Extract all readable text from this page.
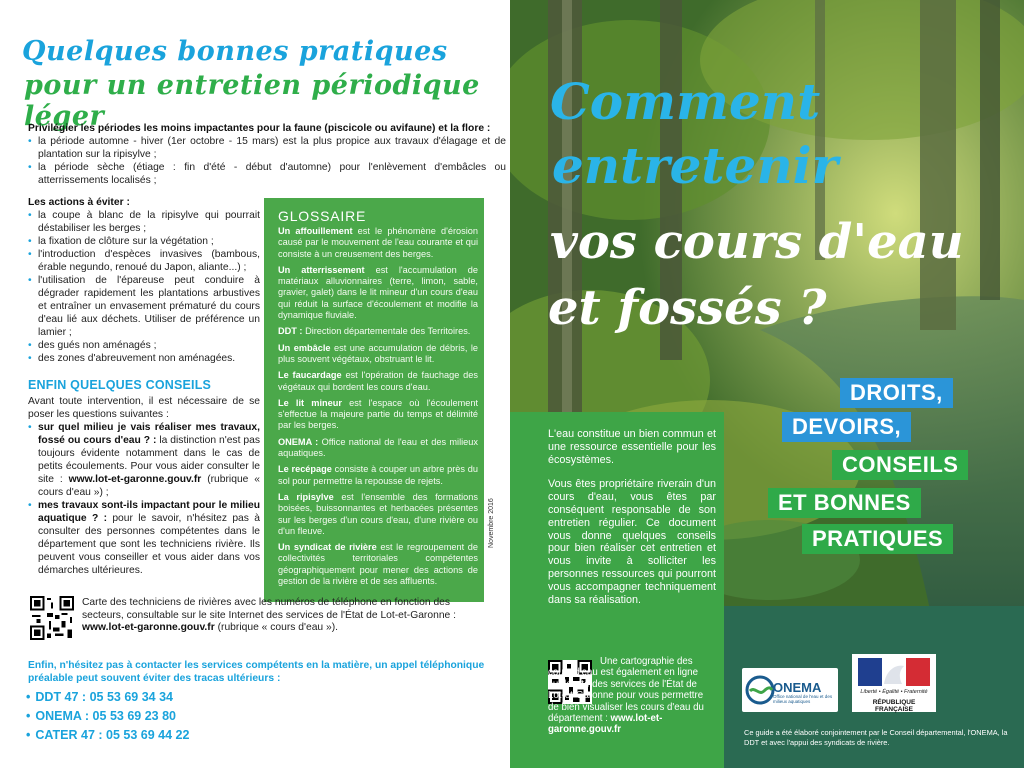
Quelques bonnes pratiques
pour un entretien périodique léger
Privilégier les périodes les moins impactantes pour la faune (piscicole ou avifaune) et la flore :
• la période automne - hiver (1er octobre - 15 mars) est la plus propice aux travaux d'élagage et de plantation sur la ripisylve ;
• la période sèche (étiage : fin d'été - début d'automne) pour l'enlèvement d'embâcles ou atterrissements localisés ;
Les actions à éviter :
• la coupe à blanc de la ripisylve qui pourrait déstabiliser les berges ;
• la fixation de clôture sur la végétation ;
• l'introduction d'espèces invasives (bambous, érable negundo, renoué du Japon, aliante...) ;
• l'utilisation de l'épareuse peut conduire à dégrader rapidement les plantations arbustives et entraîner un envasement prématuré du cours d'eau lié aux déchets. Utiliser de préférence un lamier ;
• des gués non aménagés ;
• des zones d'abreuvement non aménagées.
ENFIN QUELQUES CONSEILS
Avant toute intervention, il est nécessaire de se poser les questions suivantes :
• sur quel milieu je vais réaliser mes travaux, fossé ou cours d'eau ? : la distinction n'est pas toujours évidente notamment dans le cas de petits écoulements. Pour vous aider consulter le site : www.lot-et-garonne.gouv.fr (rubrique « cours d'eau ») ;
• mes travaux sont-ils impactant pour le milieu aquatique ? : pour le savoir, n'hésitez pas à consulter des personnes compétentes dans le département que sont les techniciens rivière. Ils peuvent vous conseiller et vous aider dans vos démarches ultérieures.
GLOSSAIRE

Un affouillement est le phénomène d'érosion causé par le mouvement de l'eau courante et qui consiste à un creusement des berges.

Un atterrissement est l'accumulation de matériaux alluvionnaires (terre, limon, sable, gravier, galet) dans le lit mineur d'un cours d'eau qui réduit la surface d'écoulement et modifie la dynamique fluviale.

DDT : Direction départementale des Territoires.

Un embâcle est une accumulation de débris, le plus souvent végétaux, obstruant le lit.

Le faucardage est l'opération de fauchage des végétaux qui bordent les cours d'eau.

Le lit mineur est l'espace où l'écoulement s'effectue la majeure partie du temps et délimité par les berges.

ONEMA : Office national de l'eau et des milieux aquatiques.

Le recépage consiste à couper un arbre près du sol pour permettre la repousse de rejets.

La ripisylve est l'ensemble des formations boisées, buissonnantes et herbacées présentes sur les berges d'un cours d'eau, d'une rivière ou d'un fleuve.

Un syndicat de rivière est le regroupement de collectivités territoriales compétentes géographiquement pour mener des actions de gestion de la rivière et de ses affluents.

Novembre 2016
Carte des techniciens de rivières avec les numéros de téléphone en fonction des secteurs, consultable sur le site Internet des services de l'État de Lot-et-Garonne : www.lot-et-garonne.gouv.fr (rubrique « cours d'eau »).
Enfin, n'hésitez pas à contacter les services compétents en la matière, un appel téléphonique préalable peut souvent éviter des tracas ultérieurs :
• DDT 47 : 05 53 69 34 34
• ONEMA : 05 53 69 23 80
• CATER 47 : 05 53 69 44 22
Comment
entretenir
vos cours d'eau
et fossés ?
DROITS,
DEVOIRS,
CONSEILS
ET BONNES
PRATIQUES

L'eau constitue un bien commun et une ressource essentielle pour les écosystèmes.

Vous êtes propriétaire riverain d'un cours d'eau, vous êtes par conséquent responsable de son entretien régulier. Ce document vous donne quelques conseils pour bien réaliser cet entretien et vous invite à solliciter les personnes ressources qui pourront vous accompagner techniquement dans sa réalisation.

Une cartographie des cours d'eau est également en ligne sur le site des services de l'État de Lot-et-Garonne pour vous permettre de bien visualiser les cours d'eau du département : www.lot-et-garonne.gouv.fr
ONEMA
Office national de l'eau et des milieux aquatiques
Liberté • Égalité • Fraternité
RÉPUBLIQUE FRANÇAISE
Ce guide a été élaboré conjointement par le Conseil départemental, l'ONEMA, la DDT et avec l'appui des syndicats de rivière.
